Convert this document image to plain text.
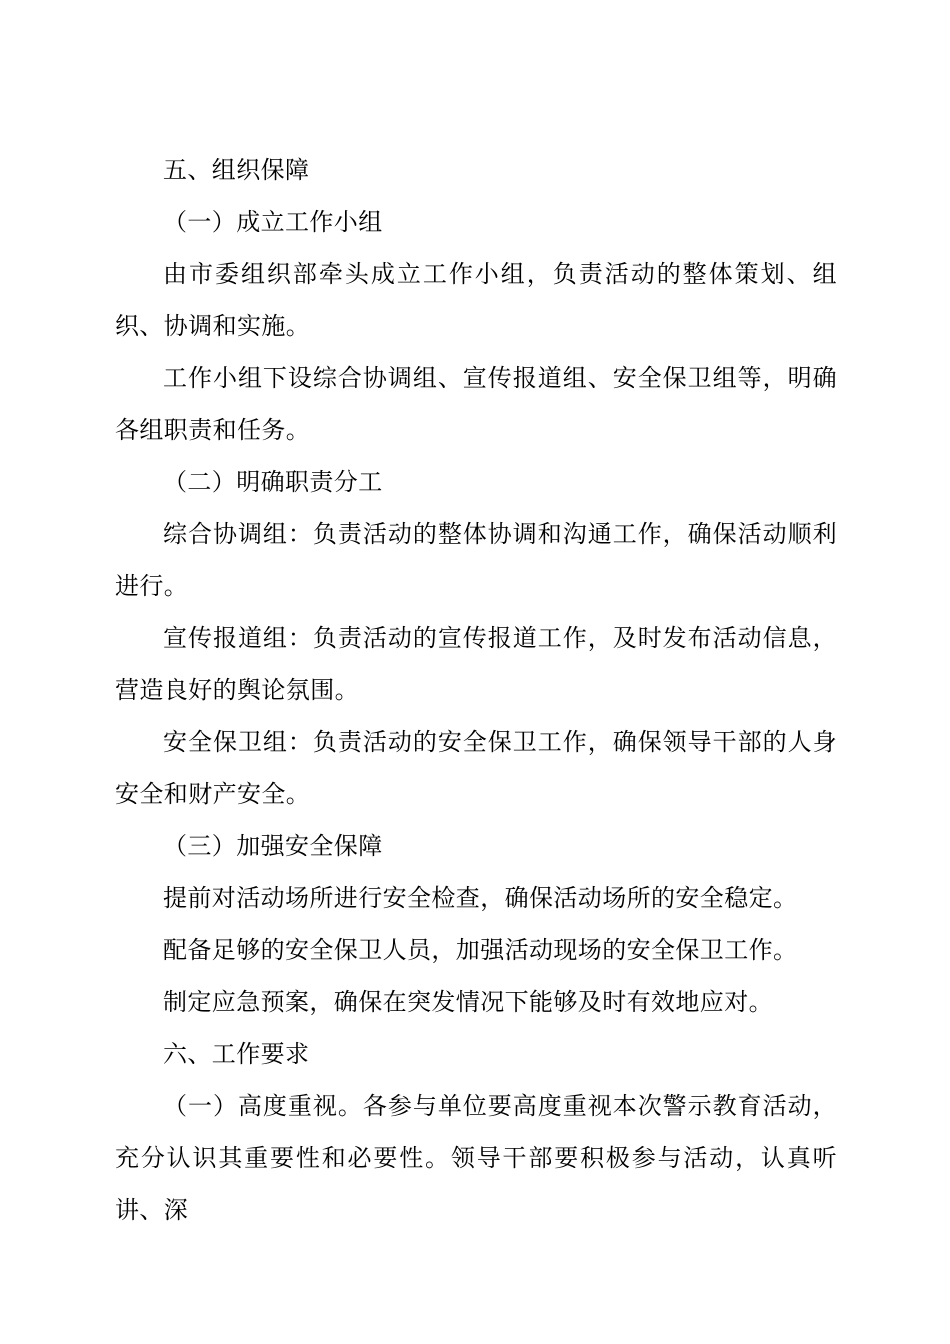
五、组织保障

（一）成立工作小组

由市委组织部牵头成立工作小组，负责活动的整体策划、组织、协调和实施。

工作小组下设综合协调组、宣传报道组、安全保卫组等，明确各组职责和任务。

（二）明确职责分工

综合协调组：负责活动的整体协调和沟通工作，确保活动顺利进行。

宣传报道组：负责活动的宣传报道工作，及时发布活动信息，营造良好的舆论氛围。

安全保卫组：负责活动的安全保卫工作，确保领导干部的人身安全和财产安全。

（三）加强安全保障

提前对活动场所进行安全检查，确保活动场所的安全稳定。

配备足够的安全保卫人员，加强活动现场的安全保卫工作。

制定应急预案，确保在突发情况下能够及时有效地应对。

六、工作要求

（一）高度重视。各参与单位要高度重视本次警示教育活动，充分认识其重要性和必要性。领导干部要积极参与活动，认真听讲、深
